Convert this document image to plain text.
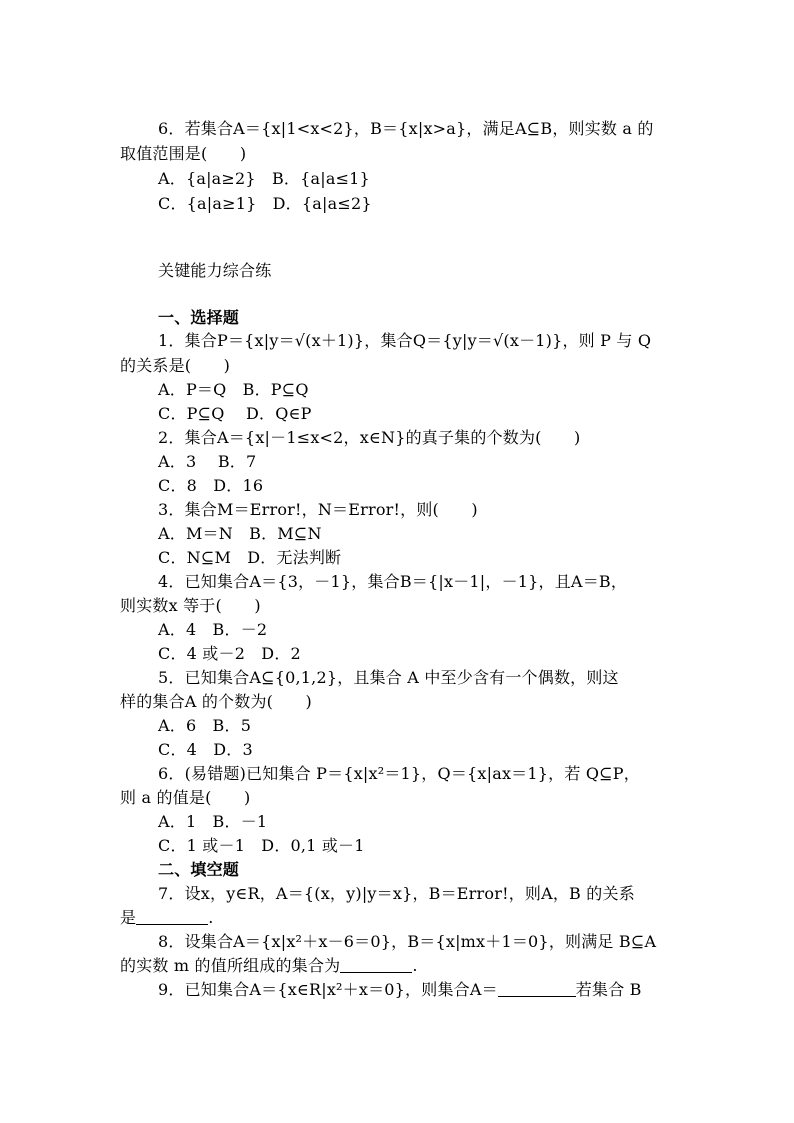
6．若集合A＝{x|1<x<2}，B＝{x|x>a}，满足A⊆B，则实数 a 的
取值范围是(　　)
A．{a|a≥2}　B．{a|a≤1}
C．{a|a≥1}　D．{a|a≤2}
关键能力综合练
一、选择题
1．集合P＝{x|y＝√(x＋1)}，集合Q＝{y|y＝√(x－1)}，则 P 与 Q
的关系是(　　)
A．P＝Q　B．P⊆Q
C．P⊆Q　 D．Q∈P
2．集合A＝{x|－1≤x<2，x∈N}的真子集的个数为(　　)
A．3　 B．7
C．8　D．16
3．集合M＝Error!，N＝Error!，则(　　)
A．M＝N　B．M⊆N
C．N⊆M　D．无法判断
4．已知集合A＝{3，－1}，集合B＝{|x－1|，－1}，且A＝B，
则实数x 等于(　　)
A．4　B．－2
C．4 或－2　D．2
5．已知集合A⊆{0,1,2}，且集合 A 中至少含有一个偶数，则这
样的集合A 的个数为(　　)
A．6　B．5
C．4　D．3
6．(易错题)已知集合 P＝{x|x²＝1}，Q＝{x|ax＝1}，若 Q⊆P，
则 a 的值是(　　)
A．1　B．－1
C．1 或－1　D．0,1 或－1
二、填空题
7．设x，y∈R，A＝{(x，y)|y＝x}，B＝Error!，则A，B 的关系
是	.
8．设集合A＝{x|x²＋x－6＝0}，B＝{x|mx＋1＝0}，则满足 B⊆A
的实数 m 的值所组成的集合为	.
9．已知集合A＝{x∈R|x²＋x＝0}，则集合A＝	若集合 B
